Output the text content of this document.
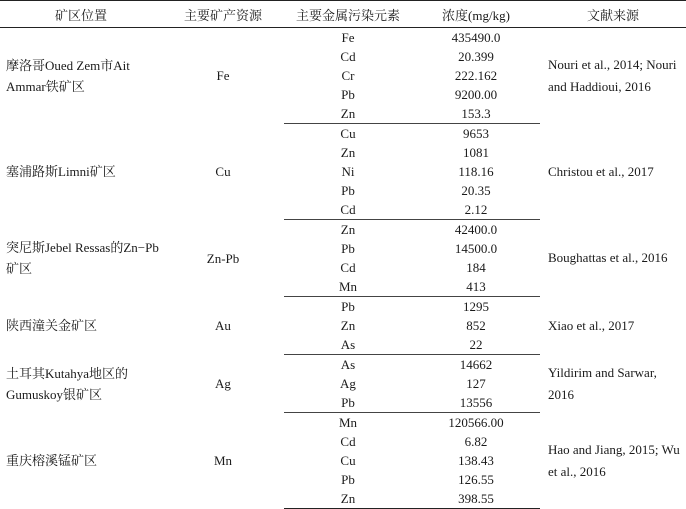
矿区位置	主要矿产资源	主要金属污染元素	浓度(mg/kg)	文献来源
摩洛哥Oued Zem市Ait Ammar铁矿区	Fe	Fe	435490.0	Nouri et al., 2014; Nouri and Haddioui, 2016
		Cd	20.399	
		Cr	222.162	
		Pb	9200.00	
		Zn	153.3	
塞浦路斯Limni矿区	Cu	Cu	9653	Christou et al., 2017
		Zn	1081	
		Ni	118.16	
		Pb	20.35	
		Cd	2.12	
突尼斯Jebel Ressas的Zn−Pb矿区	Zn-Pb	Zn	42400.0	Boughattas et al., 2016
		Pb	14500.0	
		Cd	184	
		Mn	413	
陕西潼关金矿区	Au	Pb	1295	Xiao et al., 2017
		Zn	852	
		As	22	
土耳其Kutahya地区的Gumuskoy银矿区	Ag	As	14662	Yildirim and Sarwar, 2016
		Ag	127	
		Pb	13556	
重庆榕溪锰矿区	Mn	Mn	120566.00	Hao and Jiang, 2015; Wu et al., 2016
		Cd	6.82	
		Cu	138.43	
		Pb	126.55	
		Zn	398.55	
